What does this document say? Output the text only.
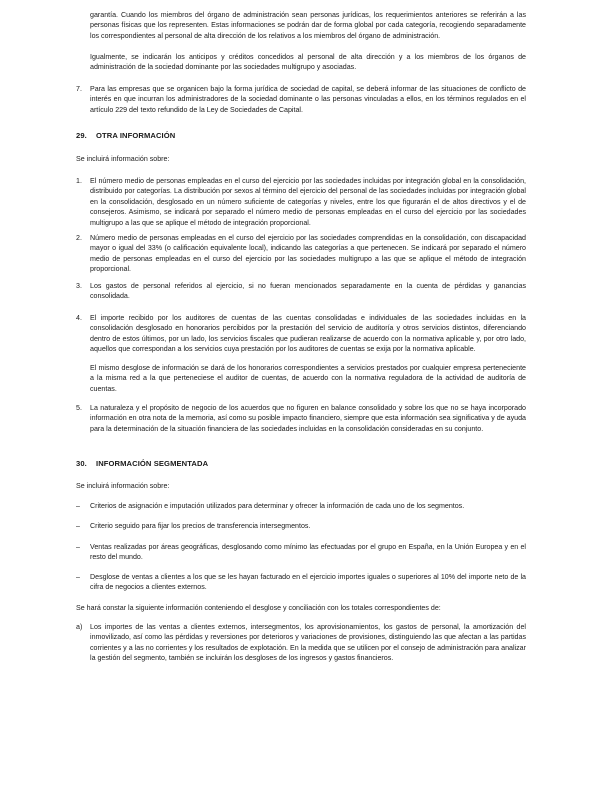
garantía. Cuando los miembros del órgano de administración sean personas jurídicas, los requerimientos anteriores se referirán a las personas físicas que los representen. Estas informaciones se podrán dar de forma global por cada categoría, recogiendo separadamente los correspondientes al personal de alta dirección de los relativos a los miembros del órgano de administración.

Igualmente, se indicarán los anticipos y créditos concedidos al personal de alta dirección y a los miembros de los órganos de administración de la sociedad dominante por las sociedades multigrupo y asociadas.

7. Para las empresas que se organicen bajo la forma jurídica de sociedad de capital, se deberá informar de las situaciones de conflicto de interés en que incurran los administradores de la sociedad dominante o las personas vinculadas a ellos, en los términos regulados en el artículo 229 del texto refundido de la Ley de Sociedades de Capital.

29. OTRA INFORMACIÓN

Se incluirá información sobre:

1. El número medio de personas empleadas en el curso del ejercicio por las sociedades incluidas por integración global en la consolidación, distribuido por categorías. La distribución por sexos al término del ejercicio del personal de las sociedades incluidas por integración global en la consolidación, desglosado en un número suficiente de categorías y niveles, entre los que figurarán el de altos directivos y el de consejeros. Asimismo, se indicará por separado el número medio de personas empleadas en el curso del ejercicio por las sociedades multigrupo a las que se aplique el método de integración proporcional.

2. Número medio de personas empleadas en el curso del ejercicio por las sociedades comprendidas en la consolidación, con discapacidad mayor o igual del 33% (o calificación equivalente local), indicando las categorías a que pertenecen. Se indicará por separado el número medio de personas empleadas en el curso del ejercicio por las sociedades multigrupo a las que se aplique el método de integración proporcional.

3. Los gastos de personal referidos al ejercicio, si no fueran mencionados separadamente en la cuenta de pérdidas y ganancias consolidada.

4. El importe recibido por los auditores de cuentas de las cuentas consolidadas e individuales de las sociedades incluidas en la consolidación desglosado en honorarios percibidos por la prestación del servicio de auditoría y otros servicios distintos, diferenciando dentro de estos últimos, por un lado, los servicios fiscales que pudieran realizarse de acuerdo con la normativa aplicable y, por otro lado, aquellos que correspondan a los servicios cuya prestación por los auditores de cuentas se exija por la normativa aplicable.

El mismo desglose de información se dará de los honorarios correspondientes a servicios prestados por cualquier empresa perteneciente a la misma red a la que perteneciese el auditor de cuentas, de acuerdo con la normativa reguladora de la actividad de auditoría de cuentas.

5. La naturaleza y el propósito de negocio de los acuerdos que no figuren en balance consolidado y sobre los que no se haya incorporado información en otra nota de la memoria, así como su posible impacto financiero, siempre que esta información sea significativa y de ayuda para la determinación de la situación financiera de las sociedades incluidas en la consolidación consideradas en su conjunto.

30. INFORMACIÓN SEGMENTADA

Se incluirá información sobre:

– Criterios de asignación e imputación utilizados para determinar y ofrecer la información de cada uno de los segmentos.

– Criterio seguido para fijar los precios de transferencia intersegmentos.

– Ventas realizadas por áreas geográficas, desglosando como mínimo las efectuadas por el grupo en España, en la Unión Europea y en el resto del mundo.

– Desglose de ventas a clientes a los que se les hayan facturado en el ejercicio importes iguales o superiores al 10% del importe neto de la cifra de negocios a clientes externos.

Se hará constar la siguiente información conteniendo el desglose y conciliación con los totales correspondientes de:

a) Los importes de las ventas a clientes externos, intersegmentos, los aprovisionamientos, los gastos de personal, la amortización del inmovilizado, así como las pérdidas y reversiones por deterioros y variaciones de provisiones, distinguiendo las que afectan a las partidas corrientes y a las no corrientes y los resultados de explotación. En la medida que se utilicen por el consejo de administración para analizar la gestión del segmento, también se incluirán los desgloses de los ingresos y gastos financieros.
